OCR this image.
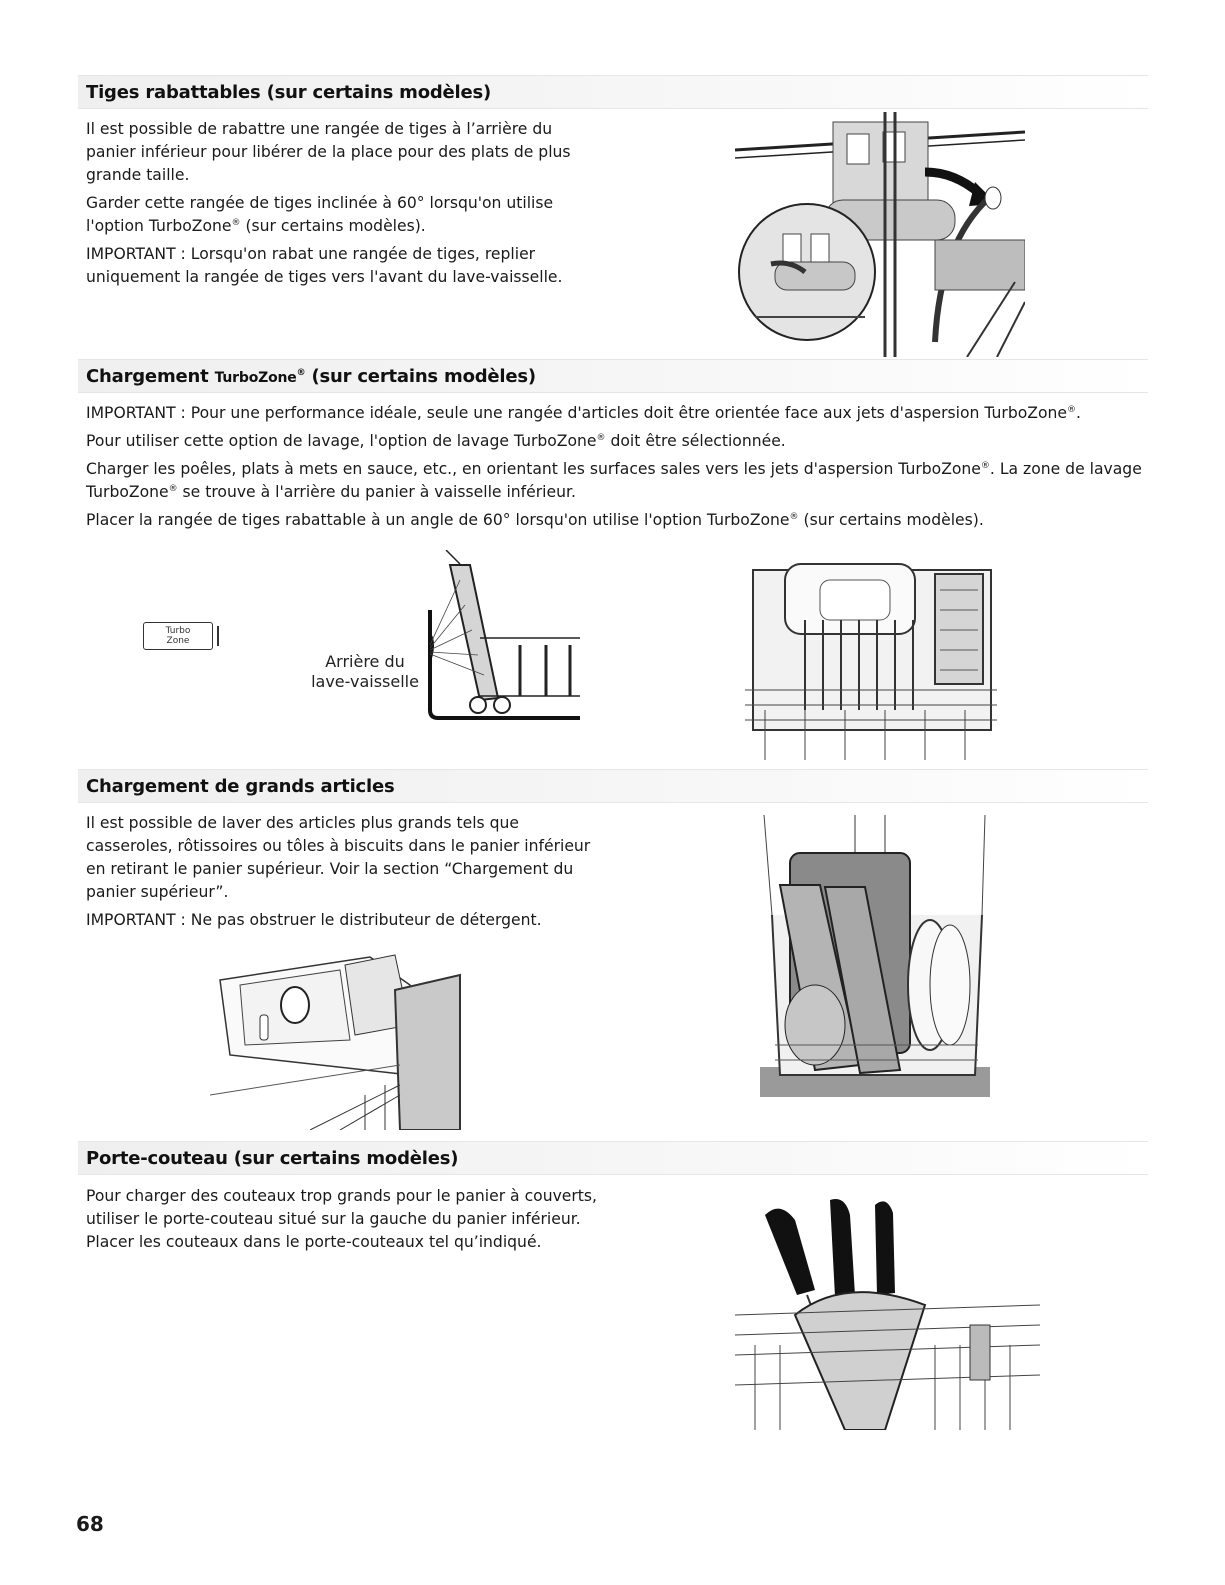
Tiges rabattables (sur certains modèles)

Il est possible de rabattre une rangée de tiges à l’arrière du panier inférieur pour libérer de la place pour des plats de plus grande taille.

Garder cette rangée de tiges inclinée à 60° lorsqu'on utilise l'option TurboZone® (sur certains modèles).

IMPORTANT : Lorsqu'on rabat une rangée de tiges, replier uniquement la rangée de tiges vers l'avant du lave-vaisselle.

Chargement TurboZone® (sur certains modèles)

IMPORTANT : Pour une performance idéale, seule une rangée d'articles doit être orientée face aux jets d'aspersion TurboZone®.

Pour utiliser cette option de lavage, l'option de lavage TurboZone® doit être sélectionnée.

Charger les poêles, plats à mets en sauce, etc., en orientant les surfaces sales vers les jets d'aspersion TurboZone®. La zone de lavage TurboZone® se trouve à l'arrière du panier à vaisselle inférieur.

Placer la rangée de tiges rabattable à un angle de 60° lorsqu'on utilise l'option TurboZone® (sur certains modèles).

Turbo
Zone
Arrière du
lave-vaisselle
Chargement de grands articles

Il est possible de laver des articles plus grands tels que casseroles, rôtissoires ou tôles à biscuits dans le panier inférieur en retirant le panier supérieur. Voir la section “Chargement du panier supérieur”.

IMPORTANT : Ne pas obstruer le distributeur de détergent.

Porte-couteau (sur certains modèles)

Pour charger des couteaux trop grands pour le panier à couverts, utiliser le porte-couteau situé sur la gauche du panier inférieur. Placer les couteaux dans le porte-couteaux tel qu’indiqué.

68
